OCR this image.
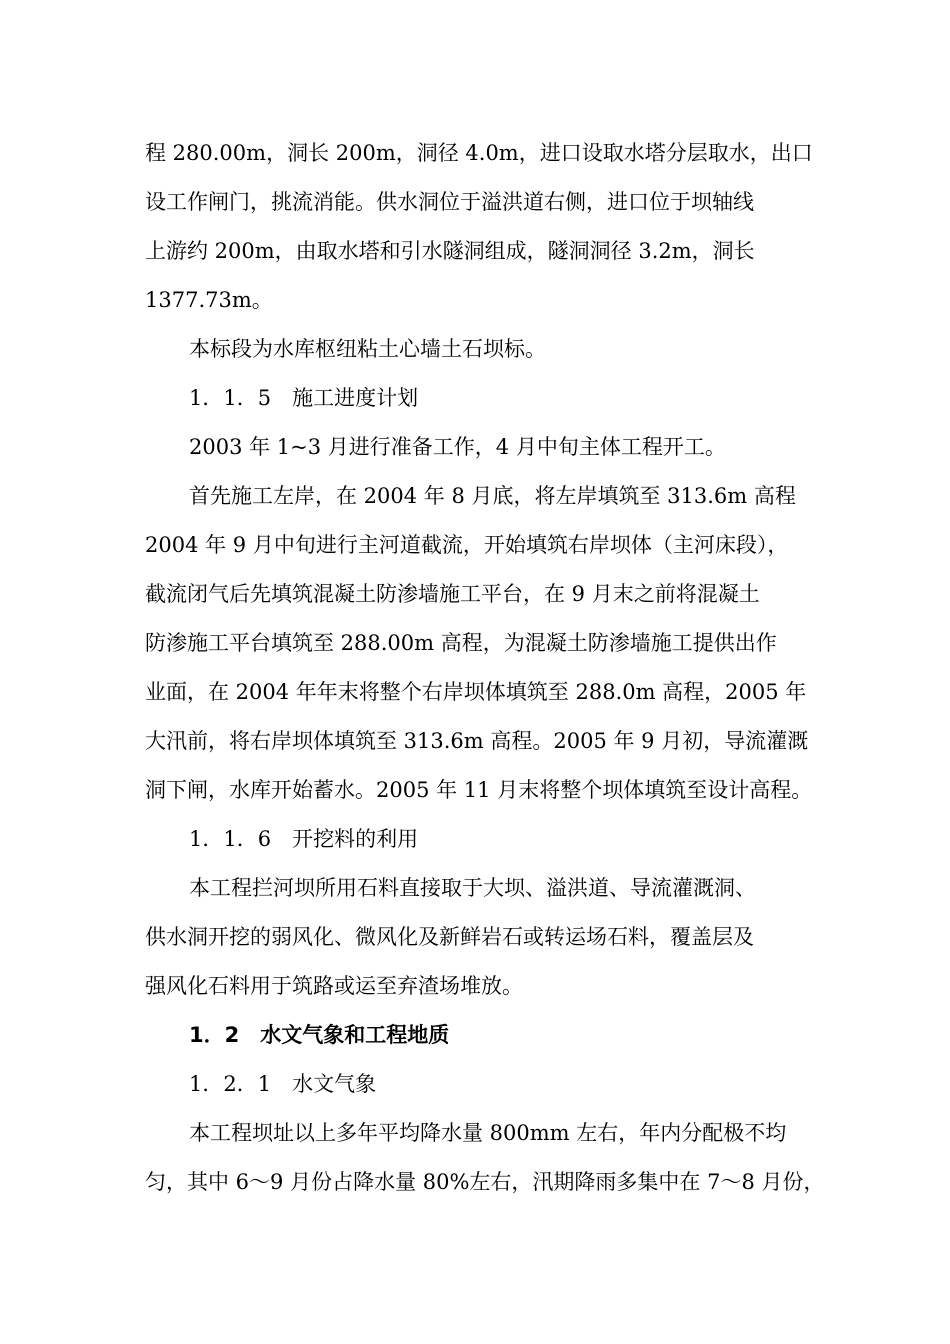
程 280.00m，洞长 200m，洞径 4.0m，进口设取水塔分层取水，出口
设工作闸门，挑流消能。供水洞位于溢洪道右侧，进口位于坝轴线
上游约 200m，由取水塔和引水隧洞组成，隧洞洞径 3.2m，洞长
1377.73m。
本标段为水库枢纽粘土心墙土石坝标。
1．1．5　施工进度计划
2003 年 1~3 月进行准备工作，4 月中旬主体工程开工。
首先施工左岸，在 2004 年 8 月底，将左岸填筑至 313.6m 高程
2004 年 9 月中旬进行主河道截流，开始填筑右岸坝体（主河床段），
截流闭气后先填筑混凝土防渗墙施工平台，在 9 月末之前将混凝土
防渗施工平台填筑至 288.00m 高程，为混凝土防渗墙施工提供出作
业面，在 2004 年年末将整个右岸坝体填筑至 288.0m 高程，2005 年
大汛前，将右岸坝体填筑至 313.6m 高程。2005 年 9 月初，导流灌溉
洞下闸，水库开始蓄水。2005 年 11 月末将整个坝体填筑至设计高程。
1．1．6　开挖料的利用
本工程拦河坝所用石料直接取于大坝、溢洪道、导流灌溉洞、
供水洞开挖的弱风化、微风化及新鲜岩石或转运场石料，覆盖层及
强风化石料用于筑路或运至弃渣场堆放。
1．2　水文气象和工程地质
1．2．1　水文气象
本工程坝址以上多年平均降水量 800mm 左右，年内分配极不均
匀，其中 6～9 月份占降水量 80%左右，汛期降雨多集中在 7～8 月份，
